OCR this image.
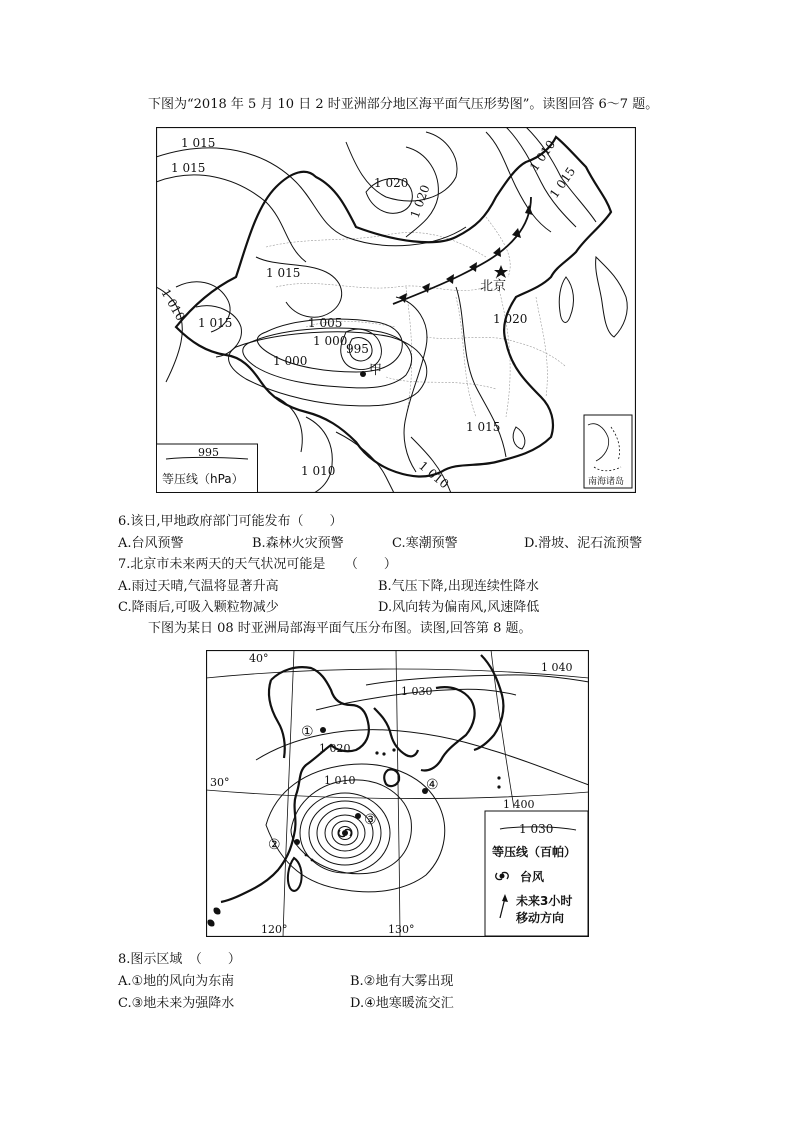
下图为“2018 年 5 月 10 日 2 时亚洲部分地区海平面气压形势图”。读图回答 6～7 题。
1 015
1 015
1 020 1 020
1 010
1 015
1 015
1 010 1 015	1 005
1 000
995
1 000
1 020
1 015
1 010	1 010
甲
北京
南海诸岛
995
等压线（hPa）
6.该日,甲地政府部门可能发布（　　）
A.台风预警	B.森林火灾预警	C.寒潮预警	D.滑坡、泥石流预警
7.北京市未来两天的天气状况可能是　　（　　）
A.雨过天晴,气温将显著升高	B.气压下降,出现连续性降水
C.降雨后,可吸入颗粒物减少	D.风向转为偏南风,风速降低
下图为某日 08 时亚洲局部海平面气压分布图。读图,回答第 8 题。
①
②
③
④
40°
30°
120°	130°
1 040
1 030
1 020
1 010
1 400
1 030
等压线（百帕）
台风
未来3小时
移动方向
8.图示区域　（　　）
A.①地的风向为东南	B.②地有大雾出现
C.③地未来为强降水	D.④地寒暖流交汇
